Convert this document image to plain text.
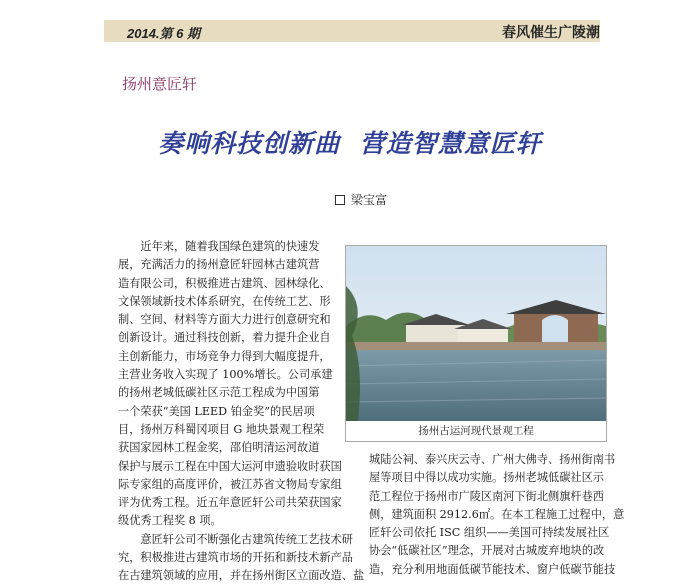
2014.第 6 期	春风催生广陵潮
扬州意匠轩
奏响科技创新曲  营造智慧意匠轩
梁宝富
　　近年来，随着我国绿色建筑的快速发
展，充满活力的扬州意匠轩园林古建筑营
造有限公司，积极推进古建筑、园林绿化、
文保领域新技术体系研究，在传统工艺、形
制、空间、材料等方面大力进行创意研究和
创新设计。通过科技创新，着力提升企业自
主创新能力，市场竞争力得到大幅度提升，
主营业务收入实现了 100%增长。公司承建
的扬州老城低碳社区示范工程成为中国第
一个荣获“美国 LEED 铂金奖”的民居项
目，扬州万科蜀冈项目 G 地块景观工程荣
获国家园林工程金奖，邵伯明清运河故道
保护与展示工程在中国大运河申遗验收时获国
际专家组的高度评价，被江苏省文物局专家组
评为优秀工程。近五年意匠轩公司共荣获国家
级优秀工程奖 8 项。
　　意匠轩公司不断强化古建筑传统工艺技术研
究，积极推进古建筑市场的开拓和新技术新产品
在古建筑领域的应用，并在扬州街区立面改造、盐
扬州古运河现代景观工程
城陆公祠、泰兴庆云寺、广州大佛寺、扬州街南书
屋等项目中得以成功实施。扬州老城低碳社区示
范工程位于扬州市广陵区南河下街北侧旗杆巷西
侧，建筑面积 2912.6㎡。在本工程施工过程中，意
匠轩公司依托 ISC 组织——美国可持续发展社区
协会“低碳社区”理念，开展对古城废弃地块的改
造，充分利用地面低碳节能技术、窗户低碳节能技
